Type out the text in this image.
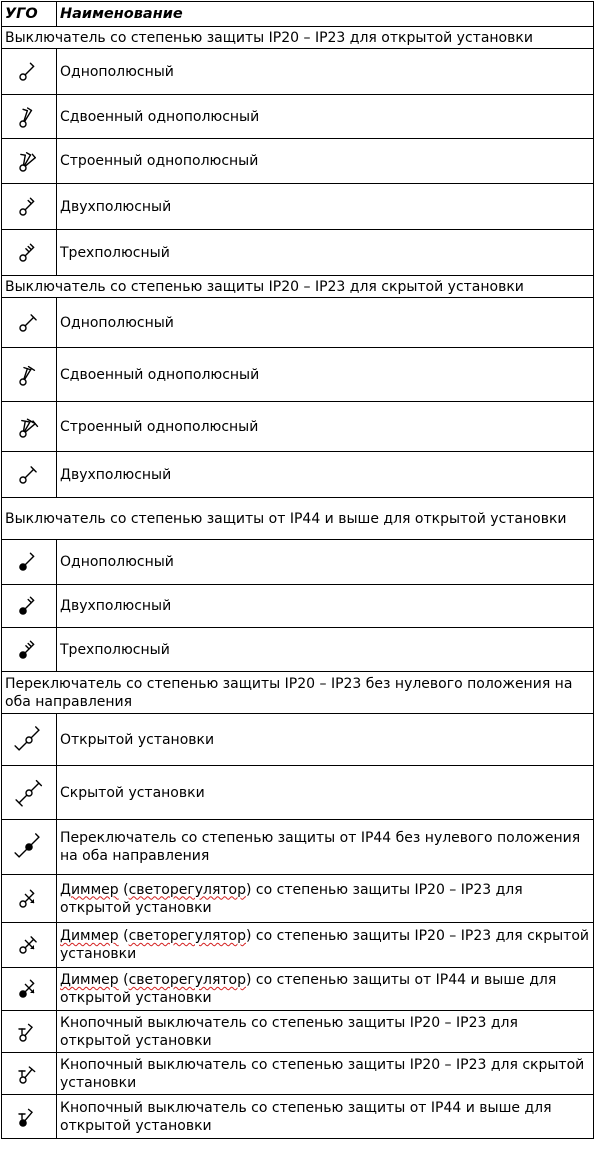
УГО	Наименование
Выключатель со степенью защиты IP20 – IP23 для открытой установки	

	Однополюсный

	Сдвоенный однополюсный

	Строенный однополюсный

	Двухполюсный

	Трехполюсный
Выключатель со степенью защиты IP20 – IP23 для скрытой установки	

	Однополюсный

	Сдвоенный однополюсный

	Строенный однополюсный

	Двухполюсный
Выключатель со степенью защиты от IP44 и выше для открытой установки	

	Однополюсный

	Двухполюсный

	Трехполюсный
Переключатель со степенью защиты IP20 – IP23 без нулевого положения на оба направления	

	Открытой установки

	Скрытой установки

	Переключатель со степенью защиты от IP44 без нулевого положения на оба направления

	Диммер (светорегулятор) со степенью защиты IP20 – IP23 для открытой установки

	Диммер (светорегулятор) со степенью защиты IP20 – IP23 для скрытой установки

	Диммер (светорегулятор) со степенью защиты от IP44 и выше для открытой установки

	Кнопочный выключатель со степенью защиты IP20 – IP23 для открытой установки

	Кнопочный выключатель со степенью защиты IP20 – IP23 для скрытой установки

	Кнопочный выключатель со степенью защиты от IP44 и выше для открытой установки
